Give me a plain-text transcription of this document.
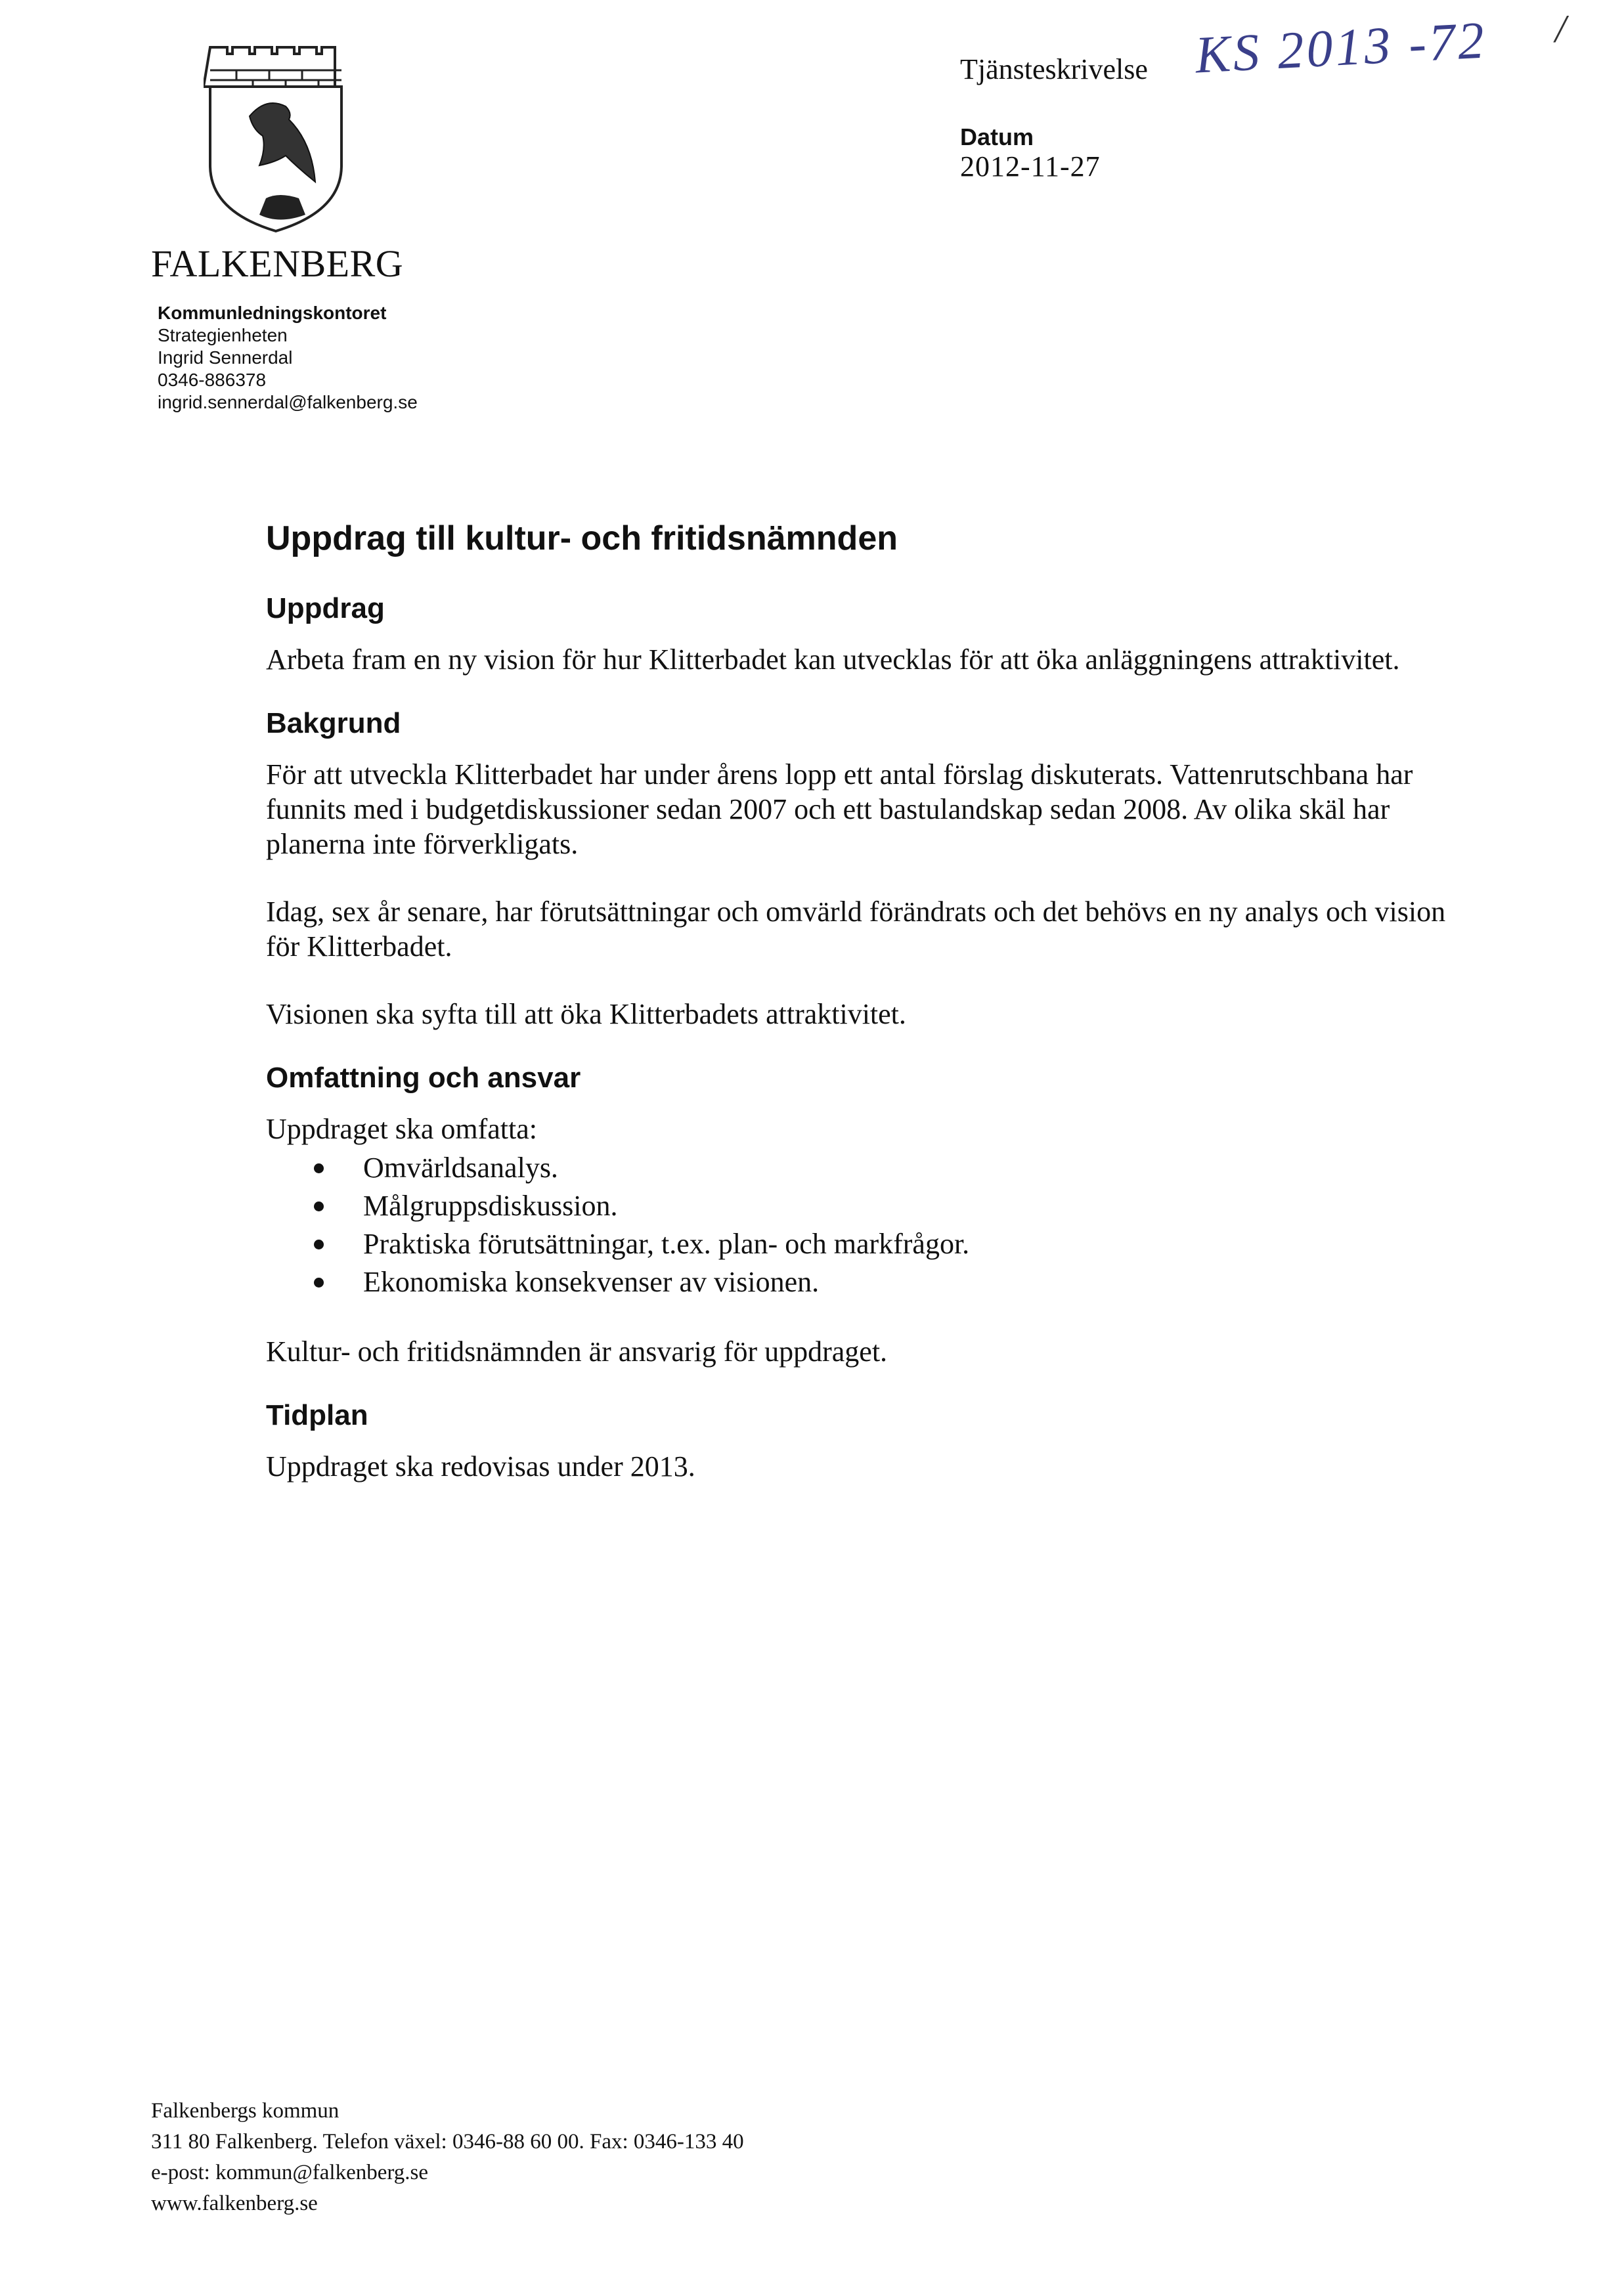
FALKENBERG
Kommunledningskontoret
Strategienheten
Ingrid Sennerdal
0346-886378
ingrid.sennerdal@falkenberg.se
Tjänsteskrivelse
Datum
2012-11-27
KS 2013 -72 /
Uppdrag till kultur- och fritidsnämnden
Uppdrag

Arbeta fram en ny vision för hur Klitterbadet kan utvecklas för att öka anläggningens attraktivitet.

Bakgrund

För att utveckla Klitterbadet har under årens lopp ett antal förslag diskuterats. Vattenrutschbana har funnits med i budgetdiskussioner sedan 2007 och ett bastulandskap sedan 2008. Av olika skäl har planerna inte förverkligats.

Idag, sex år senare, har förutsättningar och omvärld förändrats och det behövs en ny analys och vision för Klitterbadet.

Visionen ska syfta till att öka Klitterbadets attraktivitet.

Omfattning och ansvar

Uppdraget ska omfatta:

Omvärldsanalys.
Målgruppsdiskussion.
Praktiska förutsättningar, t.ex. plan- och markfrågor.
Ekonomiska konsekvenser av visionen.

Kultur- och fritidsnämnden är ansvarig för uppdraget.

Tidplan

Uppdraget ska redovisas under 2013.

Falkenbergs kommun
311 80 Falkenberg. Telefon växel: 0346-88 60 00. Fax: 0346-133 40
e-post: kommun@falkenberg.se
www.falkenberg.se
